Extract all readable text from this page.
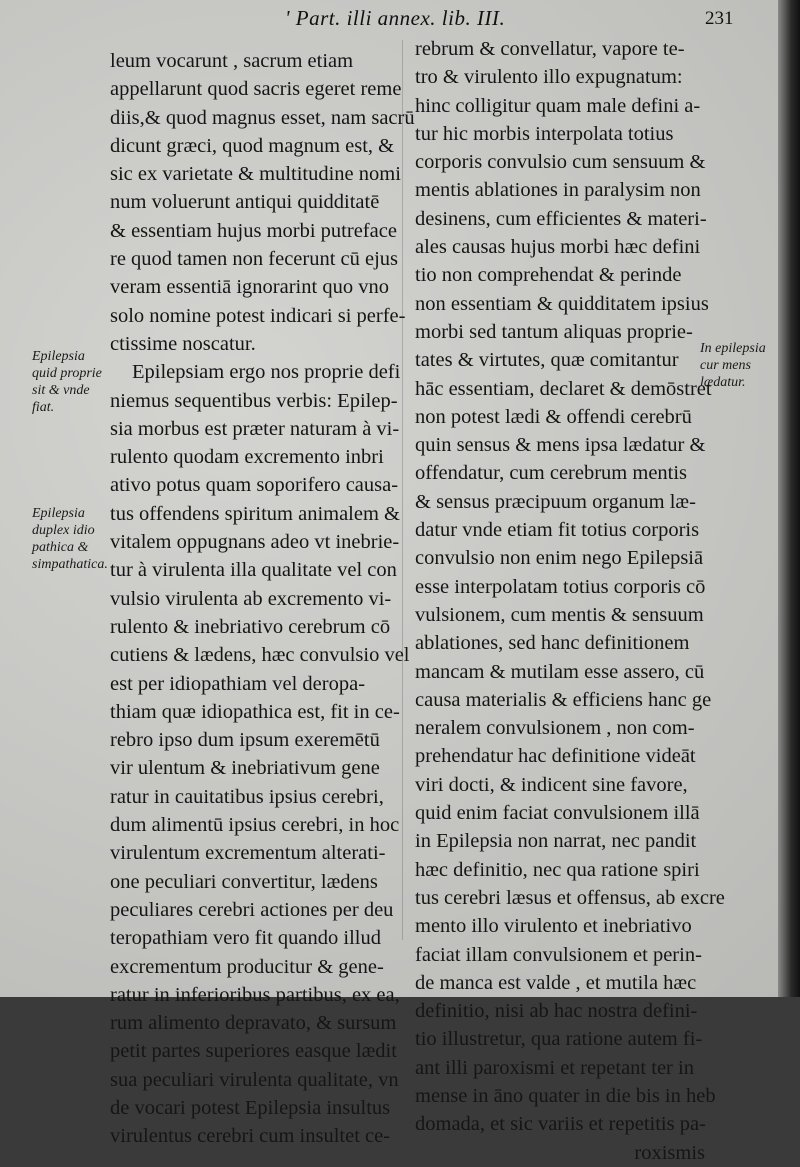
' Part. illi annex. lib. III.	231
leum vocarunt , sacrum etiam
appellarunt quod sacris egeret reme
diis,& quod magnus esset, nam sacrū
dicunt græci, quod magnum est, &
sic ex varietate & multitudine nomi
num voluerunt antiqui quidditatē
& essentiam hujus morbi putreface
re quod tamen non fecerunt cū ejus
veram essentiā ignorarint quo vno
solo nomine potest indicari si perfe-
ctissime noscatur.
Epilepsiam ergo nos proprie defi
niemus sequentibus verbis: Epilep-
sia morbus est præter naturam à vi-
rulento quodam excremento inbri
ativo potus quam soporifero causa-
tus offendens spiritum animalem &
vitalem oppugnans adeo vt inebrie-
tur à virulenta illa qualitate vel con
vulsio virulenta ab excremento vi-
rulento & inebriativo cerebrum cō
cutiens & lædens, hæc convulsio vel
est per idiopathiam vel deropa-
thiam quæ idiopathica est, fit in ce-
rebro ipso dum ipsum exeremētū
vir ulentum & inebriativum gene
ratur in cauitatibus ipsius cerebri,
dum alimentū ipsius cerebri, in hoc
virulentum excrementum alterati-
one peculiari convertitur, lædens
peculiares cerebri actiones per deu
teropathiam vero fit quando illud
excrementum producitur & gene-
ratur in inferioribus partibus, ex ea,
rum alimento depravato, & sursum
petit partes superiores easque lædit
sua peculiari virulenta qualitate, vn
de vocari potest Epilepsia insultus
virulentus cerebri cum insultet ce-
rebrum & convellatur, vapore te-
tro & virulento illo expugnatum:
hinc colligitur quam male defini a-
tur hic morbis interpolata totius
corporis convulsio cum sensuum &
mentis ablationes in paralysim non
desinens, cum efficientes & materi-
ales causas hujus morbi hæc defini
tio non comprehendat & perinde
non essentiam & quidditatem ipsius
morbi sed tantum aliquas proprie-
tates & virtutes, quæ comitantur
hāc essentiam, declaret & demōstret
non potest lædi & offendi cerebrū
quin sensus & mens ipsa lædatur &
offendatur, cum cerebrum mentis
& sensus præcipuum organum læ-
datur vnde etiam fit totius corporis
convulsio non enim nego Epilepsiā
esse interpolatam totius corporis cō
vulsionem, cum mentis & sensuum
ablationes, sed hanc definitionem
mancam & mutilam esse assero, cū
causa materialis & efficiens hanc ge
neralem convulsionem , non com-
prehendatur hac definitione videāt
viri docti, & indicent sine favore,
quid enim faciat convulsionem illā
in Epilepsia non narrat, nec pandit
hæc definitio, nec qua ratione spiri
tus cerebri læsus et offensus, ab excre
mento illo virulento et inebriativo
faciat illam convulsionem et perin-
de manca est valde , et mutila hæc
definitio, nisi ab hac nostra defini-
tio illustretur, qua ratione autem fi-
ant illi paroxismi et repetant ter in
mense in āno quater in die bis in heb
domada, et sic variis et repetitis pa-
roxismis
Epilepsia
quid proprie
sit & vnde
fiat.
Epilepsia
duplex idio
pathica &
simpathatica.
In epilepsia
cur mens
lædatur.
